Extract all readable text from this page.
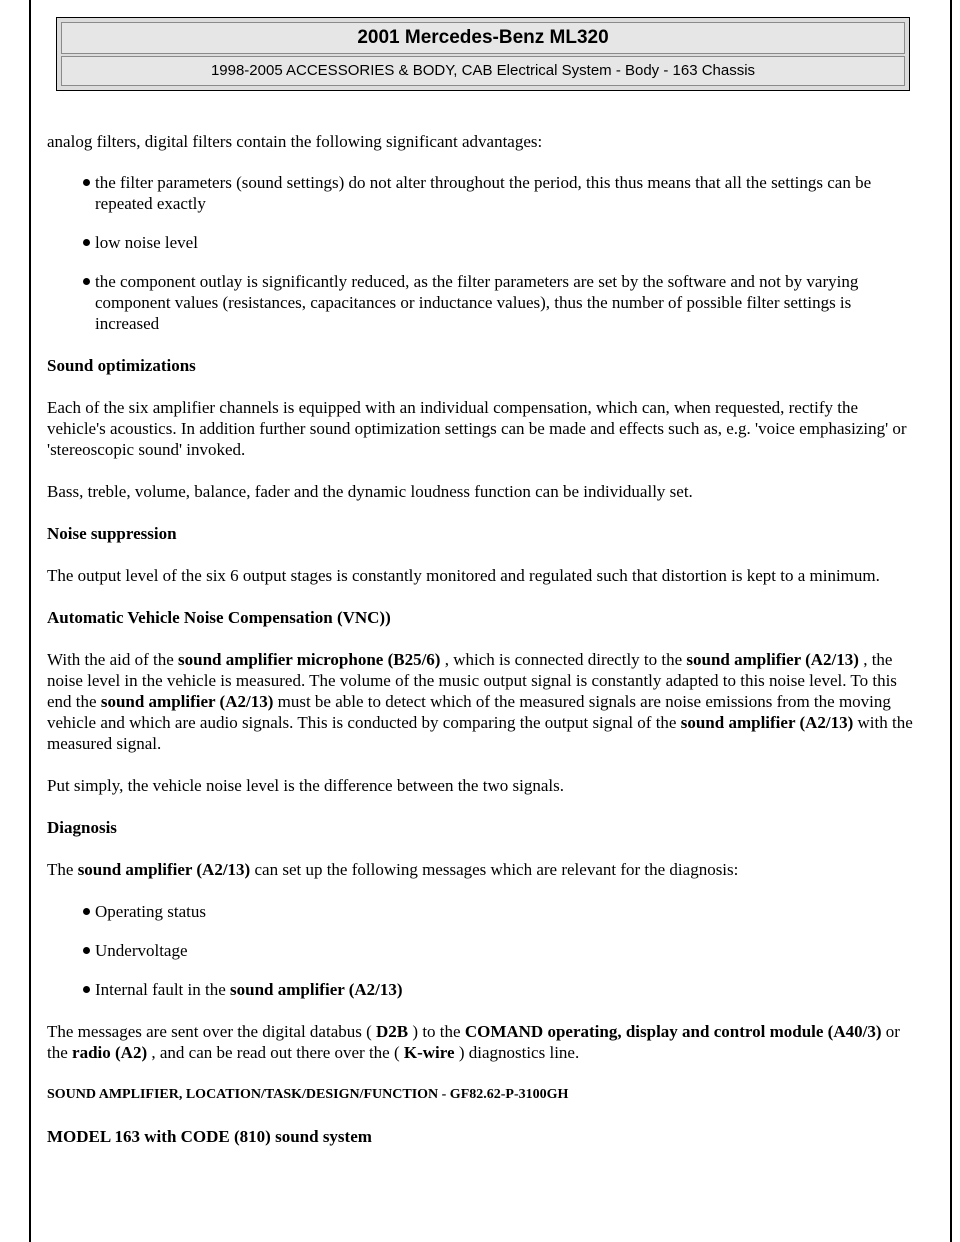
2001 Mercedes-Benz ML320
1998-2005 ACCESSORIES & BODY, CAB Electrical System - Body - 163 Chassis

analog filters, digital filters contain the following significant advantages:

the filter parameters (sound settings) do not alter throughout the period, this thus means that all the settings can be repeated exactly
low noise level
the component outlay is significantly reduced, as the filter parameters are set by the software and not by varying component values (resistances, capacitances or inductance values), thus the number of possible filter settings is increased

Sound optimizations

Each of the six amplifier channels is equipped with an individual compensation, which can, when requested, rectify the vehicle's acoustics. In addition further sound optimization settings can be made and effects such as, e.g. 'voice emphasizing' or 'stereoscopic sound' invoked.

Bass, treble, volume, balance, fader and the dynamic loudness function can be individually set.

Noise suppression

The output level of the six 6 output stages is constantly monitored and regulated such that distortion is kept to a minimum.

Automatic Vehicle Noise Compensation (VNC))

With the aid of the sound amplifier microphone (B25/6) , which is connected directly to the sound amplifier (A2/13) , the noise level in the vehicle is measured. The volume of the music output signal is constantly adapted to this noise level. To this end the sound amplifier (A2/13) must be able to detect which of the measured signals are noise emissions from the moving vehicle and which are audio signals. This is conducted by comparing the output signal of the sound amplifier (A2/13) with the measured signal.

Put simply, the vehicle noise level is the difference between the two signals.

Diagnosis

The sound amplifier (A2/13) can set up the following messages which are relevant for the diagnosis:

Operating status
Undervoltage
Internal fault in the sound amplifier (A2/13)

The messages are sent over the digital databus ( D2B ) to the COMAND operating, display and control module (A40/3) or the radio (A2) , and can be read out there over the ( K-wire ) diagnostics line.

SOUND AMPLIFIER, LOCATION/TASK/DESIGN/FUNCTION - GF82.62-P-3100GH

MODEL 163 with CODE (810) sound system
